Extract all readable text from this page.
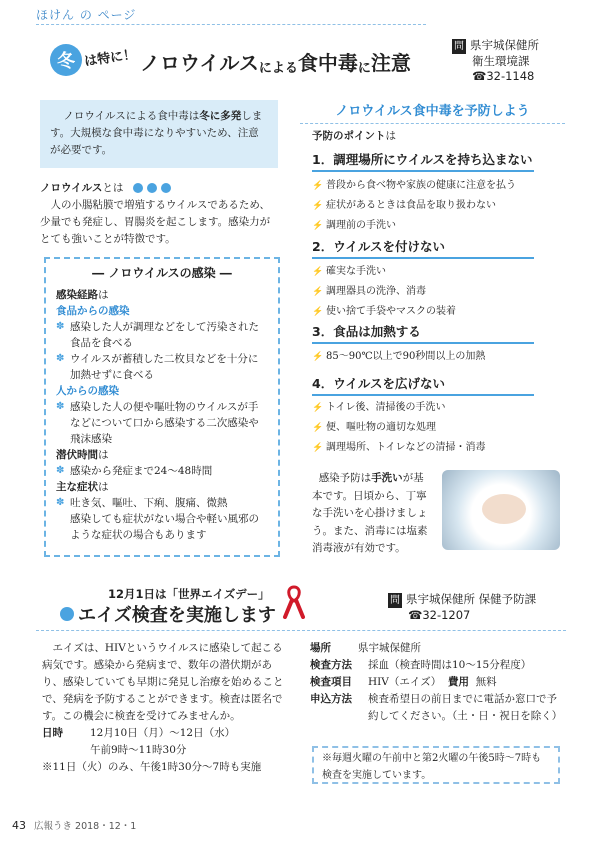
ほけん の ページ
冬 は特に！ ノロウイルス による 食中毒 に 注意
問 県宇城保健所
衛生環境課
☎32-1148
ノロウイルスによる食中毒は冬に多発します。大規模な食中毒になりやすいため、注意が必要です。
ノロウイルスとは
人の小腸粘膜で増殖するウイルスであるため、少量でも発症し、胃腸炎を起こします。感染力がとても強いことが特徴です。
― ノロウイルスの感染 ―
感染経路は
食品からの感染
✽ 感染した人が調理などをして汚染された食品を食べる
✽ ウイルスが蓄積した二枚貝などを十分に加熱せずに食べる
人からの感染
✽ 感染した人の便や嘔吐物のウイルスが手などについて口から感染する二次感染や飛沫感染
潜伏時間は
✽ 感染から発症まで24～48時間
主な症状は
✽ 吐き気、嘔吐、下痢、腹痛、微熱
感染しても症状がない場合や軽い風邪のような症状の場合もあります
ノロウイルス食中毒を予防しよう
予防のポイントは
1．調理場所にウイルスを持ち込まない
⚡ 普段から食べ物や家族の健康に注意を払う
⚡ 症状があるときは食品を取り扱わない
⚡ 調理前の手洗い
2．ウイルスを付けない
⚡ 確実な手洗い
⚡ 調理器具の洗浄、消毒
⚡ 使い捨て手袋やマスクの装着
3．食品は加熱する
⚡ 85～90℃以上で90秒間以上の加熱
4．ウイルスを広げない
⚡ トイレ後、清掃後の手洗い
⚡ 便、嘔吐物の適切な処理
⚡ 調理場所、トイレなどの清掃・消毒
感染予防は手洗いが基本です。日頃から、丁寧な手洗いを心掛けましょう。また、消毒には塩素消毒液が有効です。
12月1日は「世界エイズデー」
エイズ検査を実施します
問 県宇城保健所 保健予防課
☎32-1207
エイズは、HIVというウイルスに感染して起こる病気です。感染から発病まで、数年の潜伏期があり、感染していても早期に発見し治療を始めることで、発病を予防することができます。検査は匿名です。この機会に検査を受けてみませんか。
日時	12月10日（月）～12日（水）
午前9時～11時30分
※11日（火）のみ、午後1時30分～7時も実施
場所	県宇城保健所
検査方法 採血（検査時間は10～15分程度）
検査項目 HIV（エイズ） 費用 無料
申込方法	検査希望日の前日までに電話か窓口で予約してください。（土・日・祝日を除く）
※毎週火曜の午前中と第2火曜の午後5時～7時も検査を実施しています。
43 広報うき 2018・12・1
